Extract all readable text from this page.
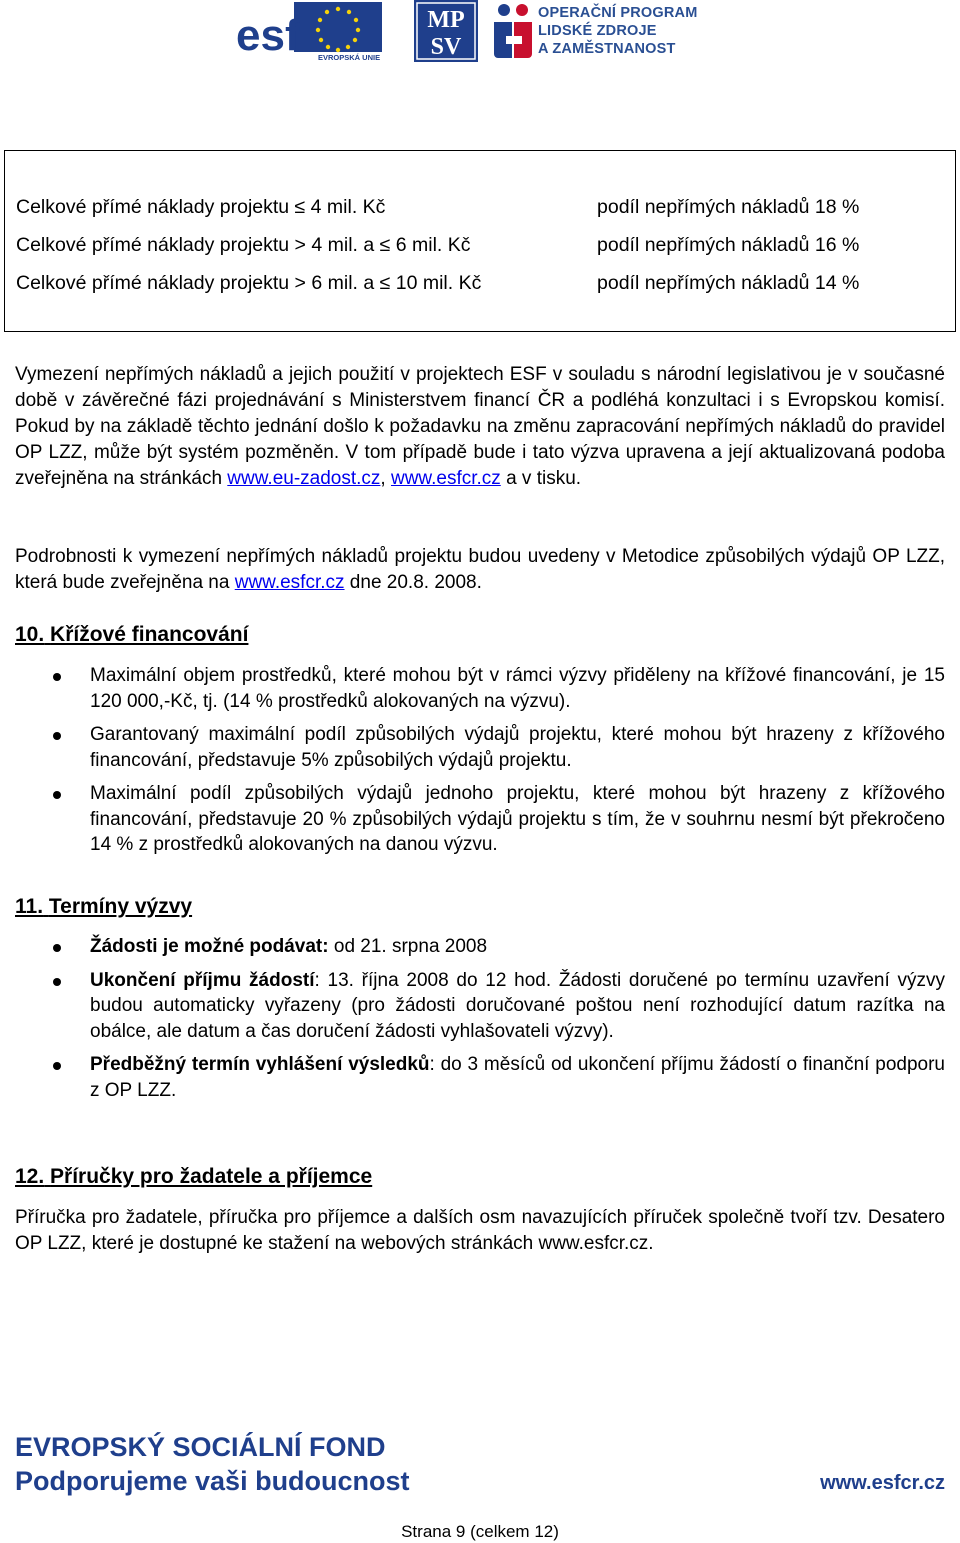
esf EVROPSKÁ UNIE
MP
SV
OPERAČNÍ PROGRAM
LIDSKÉ ZDROJE
A ZAMĚSTNANOST
Celkové přímé náklady projektu ≤ 4 mil. Kč	podíl nepřímých nákladů 18 %
Celkové přímé náklady projektu > 4 mil. a ≤ 6 mil. Kč	podíl nepřímých nákladů 16 %
Celkové přímé náklady projektu > 6 mil. a ≤ 10 mil. Kč	podíl nepřímých nákladů 14 %
Vymezení nepřímých nákladů a jejich použití v projektech ESF v souladu s národní legislativou je v současné době v závěrečné fázi projednávání s Ministerstvem financí ČR a podléhá konzultaci i s Evropskou komisí. Pokud by na základě těchto jednání došlo k požadavku na změnu zapracování nepřímých nákladů do pravidel OP LZZ, může být systém pozměněn. V tom případě bude i tato výzva upravena a její aktualizovaná podoba zveřejněna na stránkách www.eu-zadost.cz, www.esfcr.cz a v tisku.
Podrobnosti k vymezení nepřímých nákladů projektu budou uvedeny v Metodice způsobilých výdajů OP LZZ, která bude zveřejněna na www.esfcr.cz dne 20.8. 2008.
10. Křížové financování
Maximální objem prostředků, které mohou být v rámci výzvy přiděleny na křížové financování, je 15 120 000,-Kč, tj. (14 % prostředků alokovaných na výzvu).
Garantovaný maximální podíl způsobilých výdajů projektu, které mohou být hrazeny z křížového financování, představuje 5% způsobilých výdajů projektu.
Maximální podíl způsobilých výdajů jednoho projektu, které mohou být hrazeny z křížového financování, představuje 20 % způsobilých výdajů projektu s tím, že v souhrnu nesmí být překročeno 14 % z prostředků alokovaných na danou výzvu.
11. Termíny výzvy
Žádosti je možné podávat: od 21. srpna 2008
Ukončení příjmu žádostí: 13. října 2008 do 12 hod. Žádosti doručené po termínu uzavření výzvy budou automaticky vyřazeny (pro žádosti doručované poštou není rozhodující datum razítka na obálce, ale datum a čas doručení žádosti vyhlašovateli výzvy).
Předběžný termín vyhlášení výsledků: do 3 měsíců od ukončení příjmu žádostí o finanční podporu z OP LZZ.
12. Příručky pro žadatele a příjemce
Příručka pro žadatele, příručka pro příjemce a dalších osm navazujících příruček společně tvoří tzv. Desatero OP LZZ, které je dostupné ke stažení na webových stránkách www.esfcr.cz.
EVROPSKÝ SOCIÁLNÍ FOND
Podporujeme vaši budoucnost	www.esfcr.cz
Strana 9 (celkem 12)
